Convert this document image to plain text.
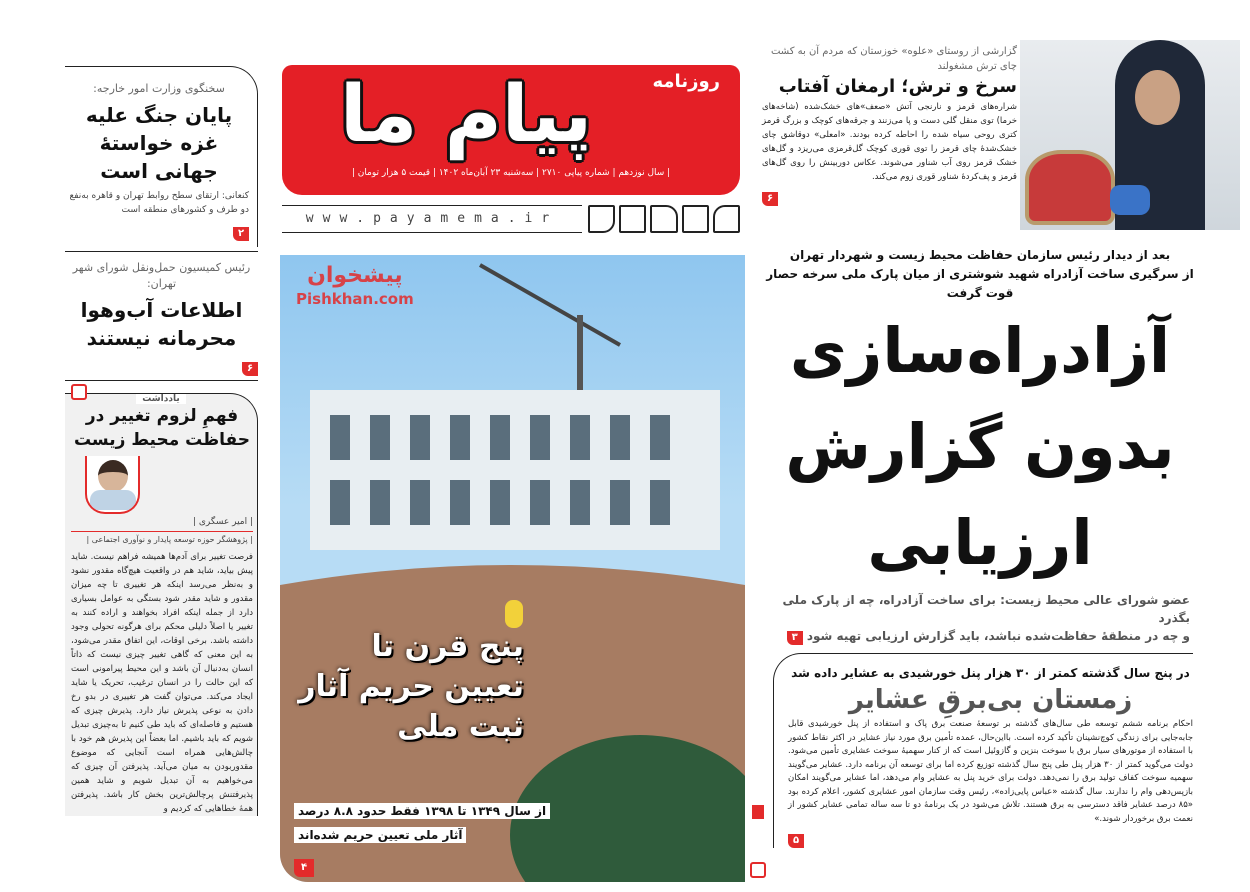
سخنگوی وزارت امور خارجه:
پایان جنگ علیه غزه خواستهٔ جهانی است
کنعانی: ارتقای سطح روابط تهران و قاهره به‌نفع دو طرف و کشورهای منطقه است
۲
رئیس کمیسیون حمل‌ونقل شورای شهر تهران:
اطلاعات آب‌وهوا محرمانه نیستند
۶
یادداشت
فهمِ لزوم تغییر در حفاظت محیط زیست
| امیر عسگری |
| پژوهشگر حوزه توسعه پایدار و نوآوری اجتماعی |
فرصت تغییر برای آدم‌ها همیشه فراهم نیست. شاید پیش بیاید، شاید هم در واقعیت هیچ‌گاه مقدور نشود و به‌نظر می‌رسد اینکه هر تغییری تا چه میزان مقدور و شاید مقدر شود بستگی به عوامل بسیاری دارد از جمله اینکه افراد بخواهند و اراده کنند به تغییر یا اصلاً دلیلی محکم برای هرگونه تحولی وجود داشته باشد. برخی اوقات، این اتفاق مقدر می‌شود، به این معنی که گاهی تغییر چیزی نیست که ذاتاً انسان به‌دنبال آن باشد و این محیط پیرامونی است که این حالت را در انسان ترغیب، تحریک یا شاید ایجاد می‌کند. می‌توان گفت هر تغییری در بدو رخ دادن به نوعی پذیرش نیاز دارد. پذیرش چیزی که هستیم و فاصله‌ای که باید طی کنیم تا به‌چیزی تبدیل شویم که باید باشیم. اما بعضاً این پذیرش هم خود با چالش‌هایی همراه است آنجایی که موضوع مقدوربودن به میان می‌آید. پذیرفتن آن چیزی که می‌خواهیم به آن تبدیل شویم و شاید همین پذیرفتنش پرچالش‌ترین بخش کار باشد. پذیرفتن همهٔ خطاهایی که کردیم و
روزنامه
پیام ما
| سال نوزدهم | شماره پیاپی ۲۷۱۰ | سه‌شنبه ۲۳ آبان‌ماه ۱۴۰۲ | قیمت ۵ هزار تومان |
www.payamema.ir
پنج قرن تا تعیین حریم آثار ثبت ملی
از سال ۱۳۴۹ تا ۱۳۹۸ فقط حدود ۸.۸ درصد
آثار ملی تعیین حریم شده‌اند
۴
پیشخوان
Pishkhan.com
گزارشی از روستای «علوه» خوزستان که مردم آن به کشت چای ترش مشغولند
سرخ و ترش؛ ارمغان آفتاب
شراره‌های قرمز و نارنجی آتش «صعف»های خشک‌شده (شاخه‌های خرما) توی منقل گلی دست و پا می‌زنند و جرقه‌های کوچک و بزرگ قرمز کتری روحی سیاه شده را احاطه کرده بودند. «امعلی» دوقاشق چای خشک‌شدهٔ چای قرمز را توی قوری کوچک گل‌قرمزی می‌ریزد و گل‌های خشک قرمز روی آب شناور می‌شوند. عکاس دوربینش را روی گل‌های قرمز و پف‌کردهٔ شناور قوری زوم می‌کند.
۶
بعد از دیدار رئیس سازمان حفاظت محیط زیست و شهردار تهران
از سرگیری ساخت آزادراه شهید شوشتری از میان پارک ملی سرخه حصار قوت گرفت
آزادراه‌سازی
بدون گزارش
ارزیابی
عضو شورای عالی محیط زیست: برای ساخت آزادراه، چه از پارک ملی بگذرد
و چه در منطقهٔ حفاظت‌شده نباشد، باید گزارش ارزیابی تهیه شود ۳
در پنج سال گذشته کمتر از ۳۰ هزار پنل خورشیدی به عشایر داده شد
زمستان بی‌برقِ عشایر
احکام برنامه ششم توسعه طی سال‌های گذشته بر توسعهٔ صنعت برق پاک و استفاده از پنل خورشیدی قابل جابه‌جایی برای زندگی کوچ‌نشینان تأکید کرده است. بااین‌حال، عمده تأمین برق مورد نیاز عشایر در اکثر نقاط کشور با استفاده از موتورهای سیار برق با سوخت بنزین و گازوئیل است که از کنار سهمیهٔ سوخت عشایری تأمین می‌شود. دولت می‌گوید کمتر از ۳۰ هزار پنل طی پنج سال گذشته توزیع کرده اما برای توسعه آن برنامه دارد. عشایر می‌گویند سهمیه سوخت کفاف تولید برق را نمی‌دهد. دولت برای خرید پنل به عشایر وام می‌دهد، اما عشایر می‌گویند امکان بازپس‌دهی وام را ندارند. سال گذشته «عباس پایی‌زاده»، رئیس وقت سازمان امور عشایری کشور، اعلام کرده بود «۸۵ درصد عشایر فاقد دسترسی به برق هستند. تلاش می‌شود در یک برنامهٔ دو تا سه ساله تمامی عشایر کشور از نعمت برق برخوردار شوند.»
۵
